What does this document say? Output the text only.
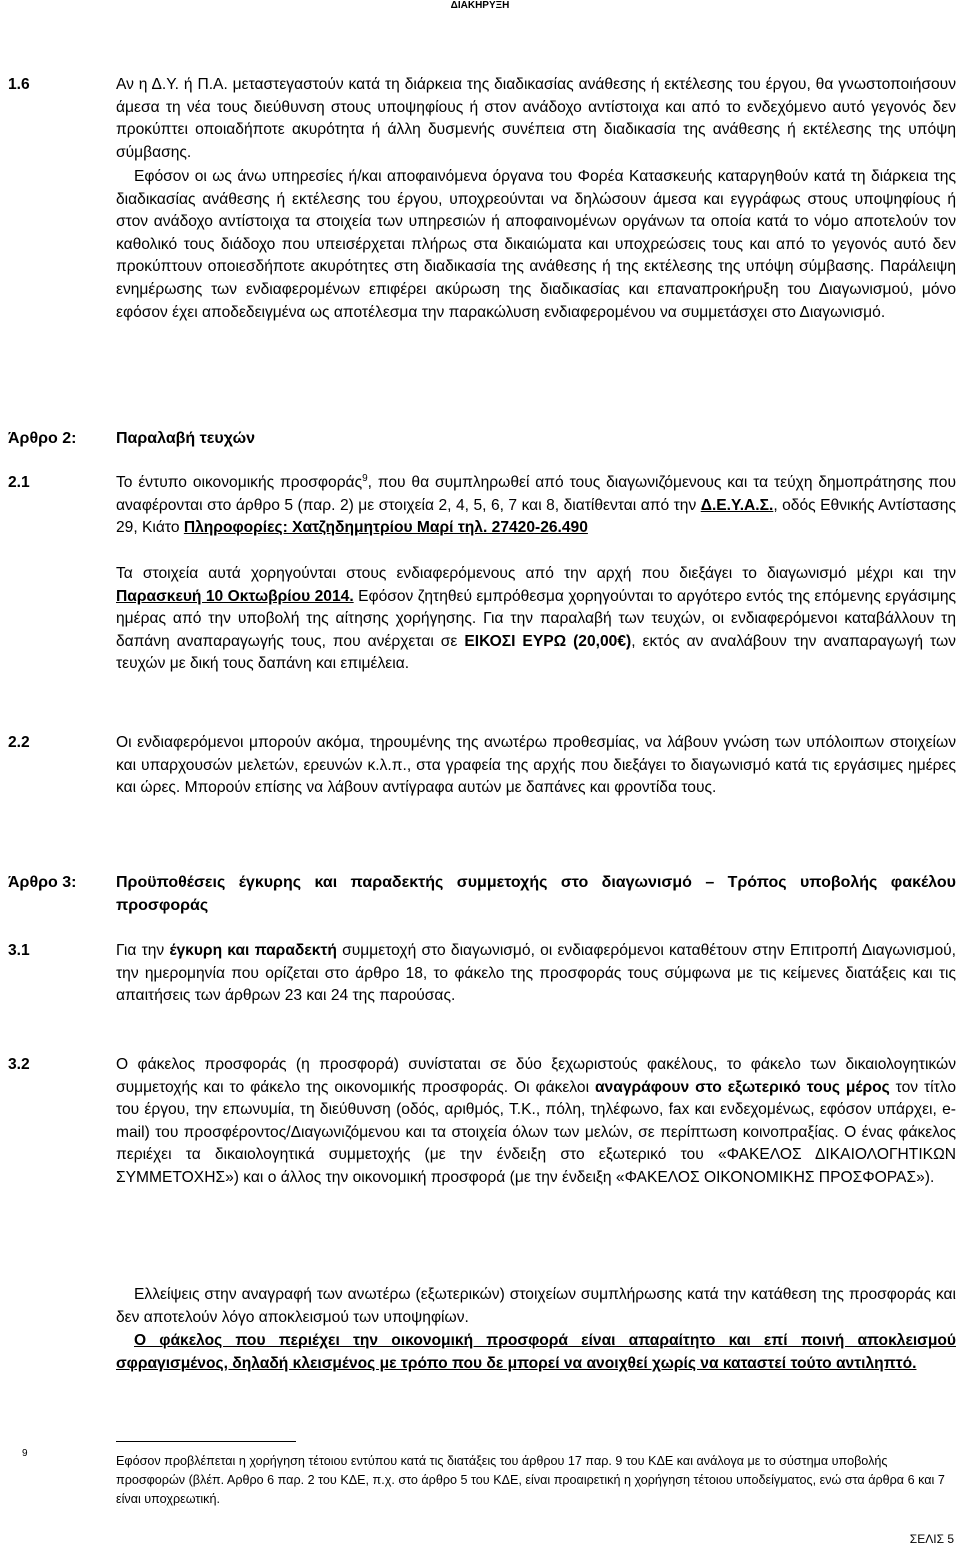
ΔΙΑΚΗΡΥΞΗ
1.6	Αν η Δ.Υ. ή Π.Α. μεταστεγαστούν κατά τη διάρκεια της διαδικασίας ανάθεσης ή εκτέλεσης του έργου, θα γνωστοποιήσουν άμεσα τη νέα τους διεύθυνση στους υποψηφίους ή στον ανάδοχο αντίστοιχα και από το ενδεχόμενο αυτό γεγονός δεν προκύπτει οποιαδήποτε ακυρότητα ή άλλη δυσμενής συνέπεια στη διαδικασία της ανάθεσης ή εκτέλεσης της υπόψη σύμβασης.
Εφόσον οι ως άνω υπηρεσίες ή/και αποφαινόμενα όργανα του Φορέα Κατασκευής καταργηθούν κατά τη διάρκεια της διαδικασίας ανάθεσης ή εκτέλεσης του έργου, υποχρεούνται να δηλώσουν άμεσα και εγγράφως στους υποψηφίους ή στον ανάδοχο αντίστοιχα τα στοιχεία των υπηρεσιών ή αποφαινομένων οργάνων τα οποία κατά το νόμο αποτελούν τον καθολικό τους διάδοχο που υπεισέρχεται πλήρως στα δικαιώματα και υποχρεώσεις τους και από το γεγονός αυτό δεν προκύπτουν οποιεσδήποτε ακυρότητες στη διαδικασία της ανάθεσης ή της εκτέλεσης της υπόψη σύμβασης. Παράλειψη ενημέρωσης των ενδιαφερομένων επιφέρει ακύρωση της διαδικασίας και επαναπροκήρυξη του Διαγωνισμού, μόνο εφόσον έχει αποδεδειγμένα ως αποτέλεσμα την παρακώλυση ενδιαφερομένου να συμμετάσχει στο Διαγωνισμό.
Άρθρο 2: Παραλαβή τευχών
2.1	Το έντυπο οικονομικής προσφοράς$^9$, που θα συμπληρωθεί από τους διαγωνιζόμενους και τα τεύχη δημοπράτησης που αναφέρονται στο άρθρο 5 (παρ. 2) με στοιχεία 2, 4, 5, 6, 7 και 8, διατίθενται από την Δ.Ε.Υ.Α.Σ., οδός Εθνικής Αντίστασης 29, Κιάτο Πληροφορίες: Χατζηδημητρίου Μαρί τηλ. 27420-26.490
Τα στοιχεία αυτά χορηγούνται στους ενδιαφερόμενους από την αρχή που διεξάγει το διαγωνισμό μέχρι και την Παρασκευή 10 Οκτωβρίου 2014. Εφόσον ζητηθεύ εμπρόθεσμα χορηγούνται το αργότερο εντός της επόμενης εργάσιμης ημέρας από την υποβολή της αίτησης χορήγησης. Για την παραλαβή των τευχών, οι ενδιαφερόμενοι καταβάλλουν τη δαπάνη αναπαραγωγής τους, που ανέρχεται σε ΕΙΚΟΣΙ ΕΥΡΩ (20,00€), εκτός αν αναλάβουν την αναπαραγωγή των τευχών με δική τους δαπάνη και επιμέλεια.
2.2	Οι ενδιαφερόμενοι μπορούν ακόμα, τηρουμένης της ανωτέρω προθεσμίας, να λάβουν γνώση των υπόλοιπων στοιχείων και υπαρχουσών μελετών, ερευνών κ.λ.π., στα γραφεία της αρχής που διεξάγει το διαγωνισμό κατά τις εργάσιμες ημέρες και ώρες. Μπορούν επίσης να λάβουν αντίγραφα αυτών με δαπάνες και φροντίδα τους.
Άρθρο 3: Προϋποθέσεις έγκυρης και παραδεκτής συμμετοχής στο διαγωνισμό – Τρόπος υποβολής φακέλου προσφοράς
3.1	Για την έγκυρη και παραδεκτή συμμετοχή στο διαγωνισμό, οι ενδιαφερόμενοι καταθέτουν στην Επιτροπή Διαγωνισμού, την ημερομηνία που ορίζεται στο άρθρο 18, το φάκελο της προσφοράς τους σύμφωνα με τις κείμενες διατάξεις και τις απαιτήσεις των άρθρων 23 και 24 της παρούσας.
3.2	Ο φάκελος προσφοράς (η προσφορά) συνίσταται σε δύο ξεχωριστούς φακέλους, το φάκελο των δικαιολογητικών συμμετοχής και το φάκελο της οικονομικής προσφοράς. Οι φάκελοι αναγράφουν στο εξωτερικό τους μέρος τον τίτλο του έργου, την επωνυμία, τη διεύθυνση (οδός, αριθμός, Τ.Κ., πόλη, τηλέφωνο, fax και ενδεχομένως, εφόσον υπάρχει, e-mail) του προσφέροντος/Διαγωνιζόμενου και τα στοιχεία όλων των μελών, σε περίπτωση κοινοπραξίας. Ο ένας φάκελος περιέχει τα δικαιολογητικά συμμετοχής (με την ένδειξη στο εξωτερικό του «ΦΑΚΕΛΟΣ ΔΙΚΑΙΟΛΟΓΗΤΙΚΩΝ ΣΥΜΜΕΤΟΧΗΣ») και ο άλλος την οικονομική προσφορά (με την ένδειξη «ΦΑΚΕΛΟΣ ΟΙΚΟΝΟΜΙΚΗΣ ΠΡΟΣΦΟΡΑΣ»).
Ελλείψεις στην αναγραφή των ανωτέρω (εξωτερικών) στοιχείων συμπλήρωσης κατά την κατάθεση της προσφοράς και δεν αποτελούν λόγο αποκλεισμού των υποψηφίων.
Ο φάκελος που περιέχει την οικονομική προσφορά είναι απαραίτητο και επί ποινή αποκλεισμού σφραγισμένος, δηλαδή κλεισμένος με τρόπο που δε μπορεί να ανοιχθεί χωρίς να καταστεί τούτο αντιληπτό.
9
Εφόσον προβλέπεται η χορήγηση τέτοιου εντύπου κατά τις διατάξεις του άρθρου 17 παρ. 9 του ΚΔΕ και ανάλογα με το σύστημα υποβολής προσφορών (βλέπ. Αρθρο 6 παρ. 2 του ΚΔΕ, π.χ. στο άρθρο 5 του ΚΔΕ, είναι προαιρετική η χορήγηση τέτοιου υποδείγματος, ενώ στα άρθρα 6 και 7 είναι υποχρεωτική.
ΣΕΛΙΣ 5
